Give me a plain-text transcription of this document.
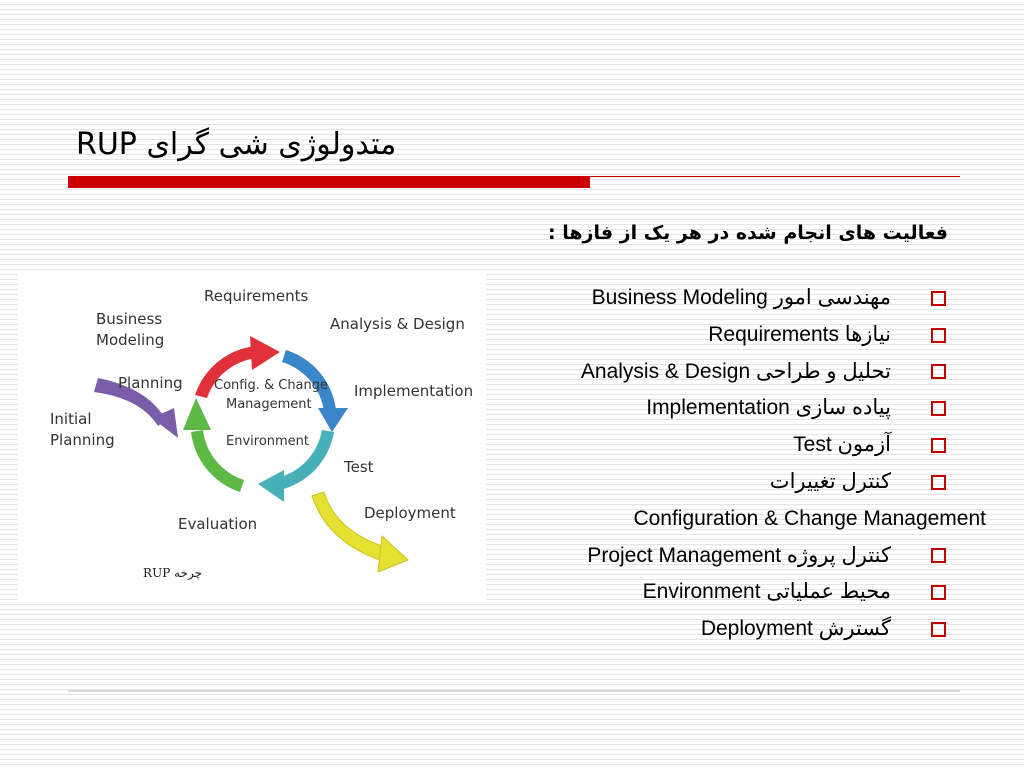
متدولوژی شی گرای RUP
فعالیت های انجام شده در هر یک از فازها :
Requirements
Analysis & Design
Implementation
Test
Deployment
Evaluation
Planning
Business
Modeling
Initial
Planning
Config. & Change
Management
Environment
چرخه RUP
مهندسی امور Business Modeling
نیازها Requirements
تحلیل و طراحی Analysis & Design
پیاده سازی Implementation
آزمون Test
کنترل تغییرات
Configuration & Change Management
کنترل پروژه Project Management
محیط عملیاتی Environment
گسترش Deployment
